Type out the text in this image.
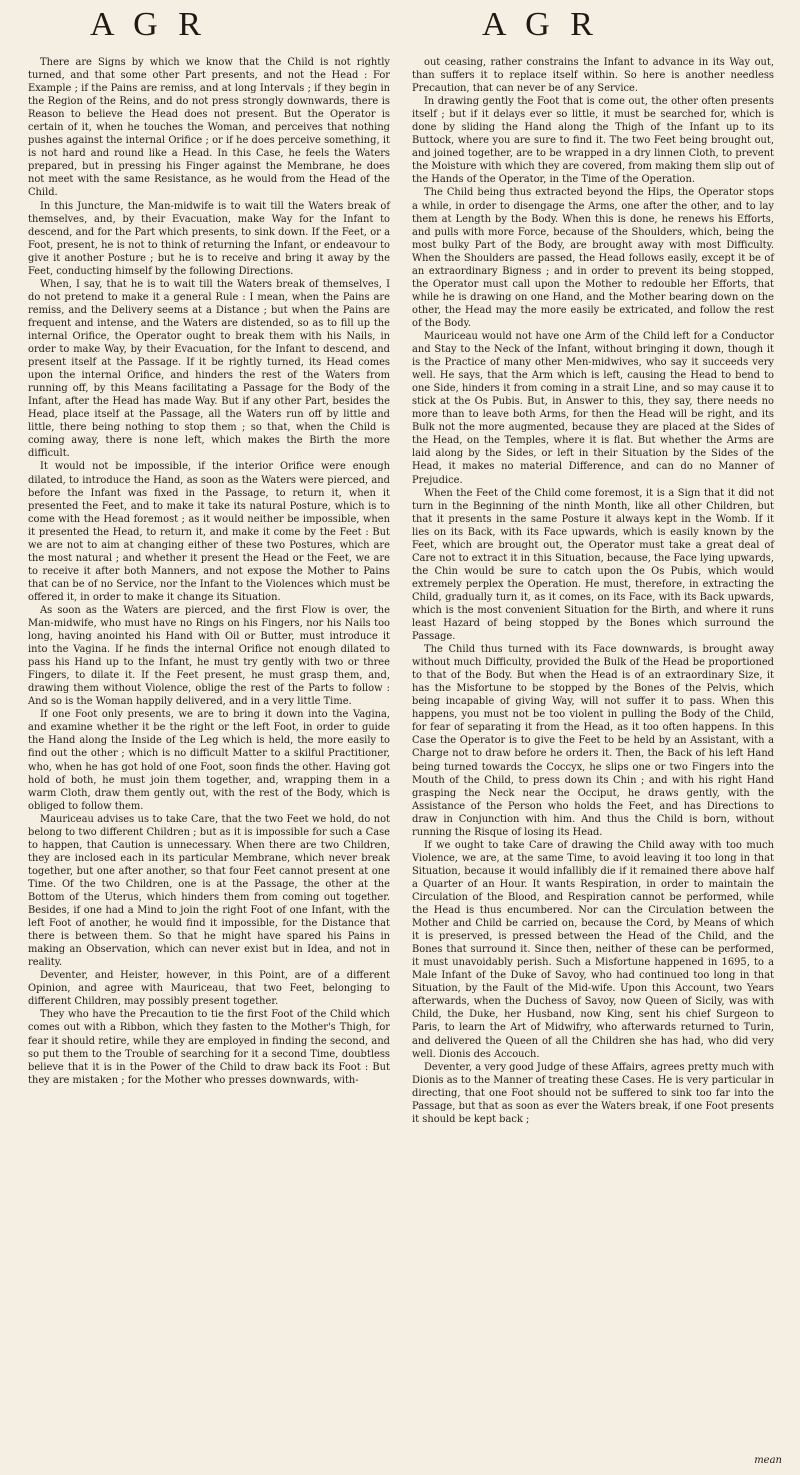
A G R	A G R

There are Signs by which we know that the Child is not rightly turned, and that some other Part presents, and not the Head : For Example ; if the Pains are remiss, and at long Intervals ; if they begin in the Region of the Reins, and do not press strongly downwards, there is Reason to believe the Head does not present. But the Operator is certain of it, when he touches the Woman, and perceives that nothing pushes against the internal Orifice ; or if he does perceive something, it is not hard and round like a Head. In this Case, he feels the Waters prepared, but in pressing his Finger against the Membrane, he does not meet with the same Resistance, as he would from the Head of the Child.

In this Juncture, the Man-midwife is to wait till the Waters break of themselves, and, by their Evacuation, make Way for the Infant to descend, and for the Part which presents, to sink down. If the Feet, or a Foot, present, he is not to think of returning the Infant, or endeavour to give it another Posture ; but he is to receive and bring it away by the Feet, conducting himself by the following Directions.

When, I say, that he is to wait till the Waters break of themselves, I do not pretend to make it a general Rule : I mean, when the Pains are remiss, and the Delivery seems at a Distance ; but when the Pains are frequent and intense, and the Waters are distended, so as to fill up the internal Orifice, the Operator ought to break them with his Nails, in order to make Way, by their Evacuation, for the Infant to descend, and present itself at the Passage. If it be rightly turned, its Head comes upon the internal Orifice, and hinders the rest of the Waters from running off, by this Means facilitating a Passage for the Body of the Infant, after the Head has made Way. But if any other Part, besides the Head, place itself at the Passage, all the Waters run off by little and little, there being nothing to stop them ; so that, when the Child is coming away, there is none left, which makes the Birth the more difficult.

It would not be impossible, if the interior Orifice were enough dilated, to introduce the Hand, as soon as the Waters were pierced, and before the Infant was fixed in the Passage, to return it, when it presented the Feet, and to make it take its natural Posture, which is to come with the Head foremost ; as it would neither be impossible, when it presented the Head, to return it, and make it come by the Feet : But we are not to aim at changing either of these two Postures, which are the most natural ; and whether it present the Head or the Feet, we are to receive it after both Manners, and not expose the Mother to Pains that can be of no Service, nor the Infant to the Violences which must be offered it, in order to make it change its Situation.

As soon as the Waters are pierced, and the first Flow is over, the Man-midwife, who must have no Rings on his Fingers, nor his Nails too long, having anointed his Hand with Oil or Butter, must introduce it into the Vagina. If he finds the internal Orifice not enough dilated to pass his Hand up to the Infant, he must try gently with two or three Fingers, to dilate it. If the Feet present, he must grasp them, and, drawing them without Violence, oblige the rest of the Parts to follow : And so is the Woman happily delivered, and in a very little Time.

If one Foot only presents, we are to bring it down into the Vagina, and examine whether it be the right or the left Foot, in order to guide the Hand along the Inside of the Leg which is held, the more easily to find out the other ; which is no difficult Matter to a skilful Practitioner, who, when he has got hold of one Foot, soon finds the other. Having got hold of both, he must join them together, and, wrapping them in a warm Cloth, draw them gently out, with the rest of the Body, which is obliged to follow them.

Mauriceau advises us to take Care, that the two Feet we hold, do not belong to two different Children ; but as it is impossible for such a Case to happen, that Caution is unnecessary. When there are two Children, they are inclosed each in its particular Membrane, which never break together, but one after another, so that four Feet cannot present at one Time. Of the two Children, one is at the Passage, the other at the Bottom of the Uterus, which hinders them from coming out together. Besides, if one had a Mind to join the right Foot of one Infant, with the left Foot of another, he would find it impossible, for the Distance that there is between them. So that he might have spared his Pains in making an Observation, which can never exist but in Idea, and not in reality.

Deventer, and Heister, however, in this Point, are of a different Opinion, and agree with Mauriceau, that two Feet, belonging to different Children, may possibly present together.

They who have the Precaution to tie the first Foot of the Child which comes out with a Ribbon, which they fasten to the Mother's Thigh, for fear it should retire, while they are employed in finding the second, and so put them to the Trouble of searching for it a second Time, doubtless believe that it is in the Power of the Child to draw back its Foot : But they are mistaken ; for the Mother who presses downwards, with-

out ceasing, rather constrains the Infant to advance in its Way out, than suffers it to replace itself within. So here is another needless Precaution, that can never be of any Service.

In drawing gently the Foot that is come out, the other often presents itself ; but if it delays ever so little, it must be searched for, which is done by sliding the Hand along the Thigh of the Infant up to its Buttock, where you are sure to find it. The two Feet being brought out, and joined together, are to be wrapped in a dry linnen Cloth, to prevent the Moisture with which they are covered, from making them slip out of the Hands of the Operator, in the Time of the Operation.

The Child being thus extracted beyond the Hips, the Operator stops a while, in order to disengage the Arms, one after the other, and to lay them at Length by the Body. When this is done, he renews his Efforts, and pulls with more Force, because of the Shoulders, which, being the most bulky Part of the Body, are brought away with most Difficulty. When the Shoulders are passed, the Head follows easily, except it be of an extraordinary Bigness ; and in order to prevent its being stopped, the Operator must call upon the Mother to redouble her Efforts, that while he is drawing on one Hand, and the Mother bearing down on the other, the Head may the more easily be extricated, and follow the rest of the Body.

Mauriceau would not have one Arm of the Child left for a Conductor and Stay to the Neck of the Infant, without bringing it down, though it is the Practice of many other Men-midwives, who say it succeeds very well. He says, that the Arm which is left, causing the Head to bend to one Side, hinders it from coming in a strait Line, and so may cause it to stick at the Os Pubis. But, in Answer to this, they say, there needs no more than to leave both Arms, for then the Head will be right, and its Bulk not the more augmented, because they are placed at the Sides of the Head, on the Temples, where it is flat. But whether the Arms are laid along by the Sides, or left in their Situation by the Sides of the Head, it makes no material Difference, and can do no Manner of Prejudice.

When the Feet of the Child come foremost, it is a Sign that it did not turn in the Beginning of the ninth Month, like all other Children, but that it presents in the same Posture it always kept in the Womb. If it lies on its Back, with its Face upwards, which is easily known by the Feet, which are brought out, the Operator must take a great deal of Care not to extract it in this Situation, because, the Face lying upwards, the Chin would be sure to catch upon the Os Pubis, which would extremely perplex the Operation. He must, therefore, in extracting the Child, gradually turn it, as it comes, on its Face, with its Back upwards, which is the most convenient Situation for the Birth, and where it runs least Hazard of being stopped by the Bones which surround the Passage.

The Child thus turned with its Face downwards, is brought away without much Difficulty, provided the Bulk of the Head be proportioned to that of the Body. But when the Head is of an extraordinary Size, it has the Misfortune to be stopped by the Bones of the Pelvis, which being incapable of giving Way, will not suffer it to pass. When this happens, you must not be too violent in pulling the Body of the Child, for fear of separating it from the Head, as it too often happens. In this Case the Operator is to give the Feet to be held by an Assistant, with a Charge not to draw before he orders it. Then, the Back of his left Hand being turned towards the Coccyx, he slips one or two Fingers into the Mouth of the Child, to press down its Chin ; and with his right Hand grasping the Neck near the Occiput, he draws gently, with the Assistance of the Person who holds the Feet, and has Directions to draw in Conjunction with him. And thus the Child is born, without running the Risque of losing its Head.

If we ought to take Care of drawing the Child away with too much Violence, we are, at the same Time, to avoid leaving it too long in that Situation, because it would infallibly die if it remained there above half a Quarter of an Hour. It wants Respiration, in order to maintain the Circulation of the Blood, and Respiration cannot be performed, while the Head is thus encumbered. Nor can the Circulation between the Mother and Child be carried on, because the Cord, by Means of which it is preserved, is pressed between the Head of the Child, and the Bones that surround it. Since then, neither of these can be performed, it must unavoidably perish. Such a Misfortune happened in 1695, to a Male Infant of the Duke of Savoy, who had continued too long in that Situation, by the Fault of the Mid-wife. Upon this Account, two Years afterwards, when the Duchess of Savoy, now Queen of Sicily, was with Child, the Duke, her Husband, now King, sent his chief Surgeon to Paris, to learn the Art of Midwifry, who afterwards returned to Turin, and delivered the Queen of all the Children she has had, who did very well. Dionis des Accouch.

Deventer, a very good Judge of these Affairs, agrees pretty much with Dionis as to the Manner of treating these Cases. He is very particular in directing, that one Foot should not be suffered to sink too far into the Passage, but that as soon as ever the Waters break, if one Foot presents it should be kept back ;

mean
